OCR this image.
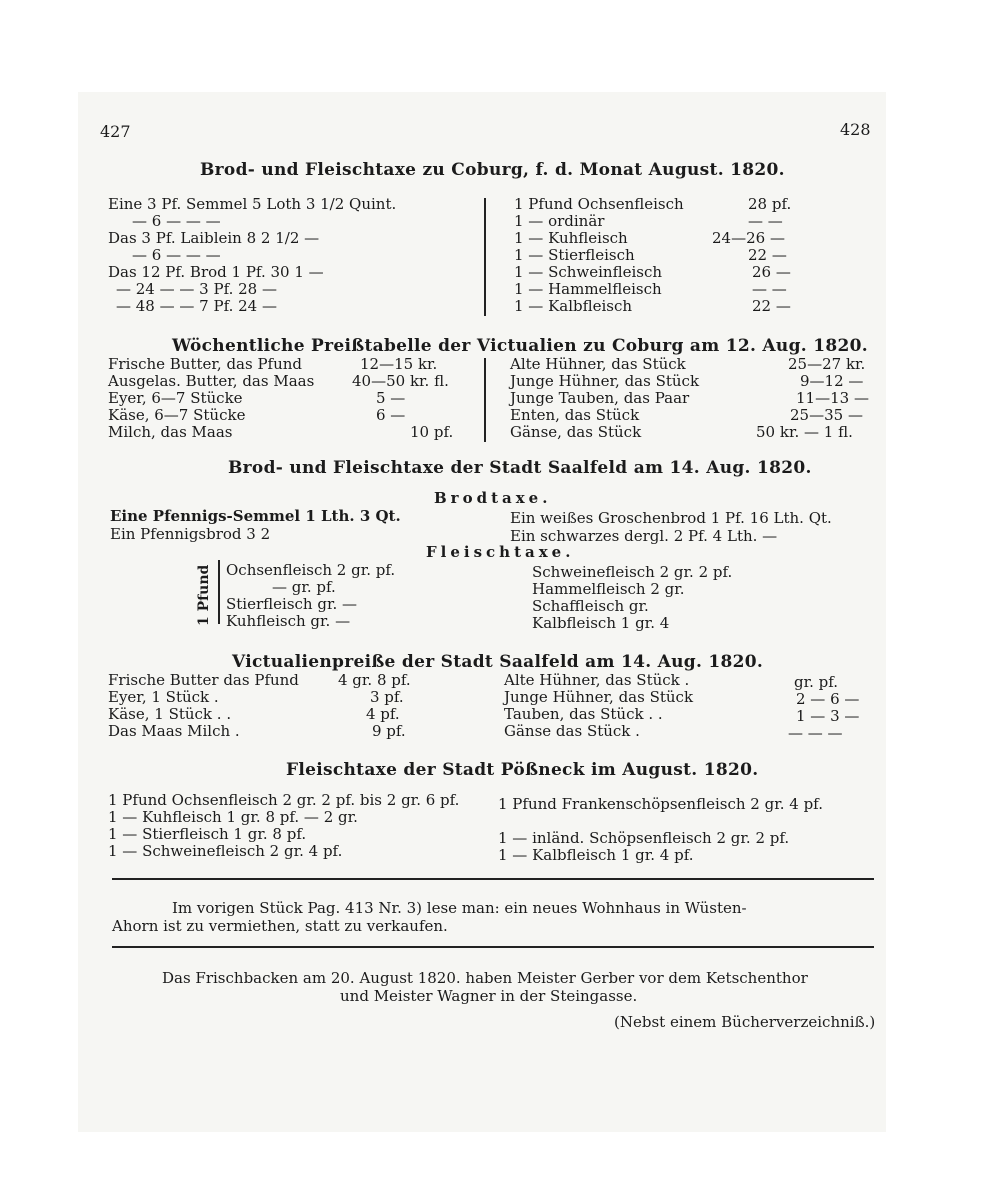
427	428
Brod- und Fleischtaxe zu Coburg, f. d. Monat August. 1820.
Eine 3 Pf. Semmel 5 Loth 3 1/2 Quint.
— 6 — — —
Das 3 Pf. Laiblein 8 2 1/2 —
— 6 — — —
Das 12 Pf. Brod 1 Pf. 30 1 —
— 24 — — 3 Pf. 28 —
— 48 — — 7 Pf. 24 —
1 Pfund Ochsenfleisch	28 pf.
1 — ordinär	— —
1 — Kuhfleisch	24—26 —
1 — Stierfleisch	22 —
1 — Schweinfleisch	26 —
1 — Hammelfleisch	— —
1 — Kalbfleisch	22 —
Wöchentliche Preißtabelle der Victualien zu Coburg am 12. Aug. 1820.
Frische Butter, das Pfund	12—15 kr.
Ausgelas. Butter, das Maas	40—50 kr. fl.
Eyer, 6—7 Stücke	5 —
Käse, 6—7 Stücke	6 —
Milch, das Maas	10 pf.
Alte Hühner, das Stück	25—27 kr.
Junge Hühner, das Stück	9—12 —
Junge Tauben, das Paar	11—13 —
Enten, das Stück	25—35 —
Gänse, das Stück	50 kr. — 1 fl.
Brod- und Fleischtaxe der Stadt Saalfeld am 14. Aug. 1820.
Brodtaxe.
Eine Pfennigs-Semmel 1 Lth. 3 Qt.	Ein weißes Groschenbrod 1 Pf. 16 Lth. Qt.
Ein Pfennigsbrod 3 2	Ein schwarzes dergl. 2 Pf. 4 Lth. —
Fleischtaxe.
1 Pfund Ochsenfleisch 2 gr. pf.
— gr. pf.
Stierfleisch gr. —
Kuhfleisch gr. —
Schweinefleisch 2 gr. 2 pf.
Hammelfleisch 2 gr.
Schaffleisch gr.
Kalbfleisch 1 gr. 4
Victualienpreiße der Stadt Saalfeld am 14. Aug. 1820.
Frische Butter das Pfund	4 gr. 8 pf.
Eyer, 1 Stück .	3 pf.
Käse, 1 Stück . .	4 pf.
Das Maas Milch .	9 pf.
Alte Hühner, das Stück .	gr. pf.
Junge Hühner, das Stück	2 — 6 —
Tauben, das Stück . .	1 — 3 —
Gänse das Stück .	— — —
Fleischtaxe der Stadt Pößneck im August. 1820.
1 Pfund Ochsenfleisch 2 gr. 2 pf. bis 2 gr. 6 pf.
1 — Kuhfleisch 1 gr. 8 pf. — 2 gr.
1 — Stierfleisch 1 gr. 8 pf.
1 — Schweinefleisch 2 gr. 4 pf.
1 Pfund Frankenschöpsenfleisch 2 gr. 4 pf.
1 — inländ. Schöpsenfleisch 2 gr. 2 pf.
1 — Kalbfleisch 1 gr. 4 pf.
Im vorigen Stück Pag. 413 Nr. 3) lese man: ein neues Wohnhaus in Wüsten-
Ahorn ist zu vermiethen, statt zu verkaufen.
Das Frischbacken am 20. August 1820. haben Meister Gerber vor dem Ketschenthor
und Meister Wagner in der Steingasse.
(Nebst einem Bücherverzeichniß.)
